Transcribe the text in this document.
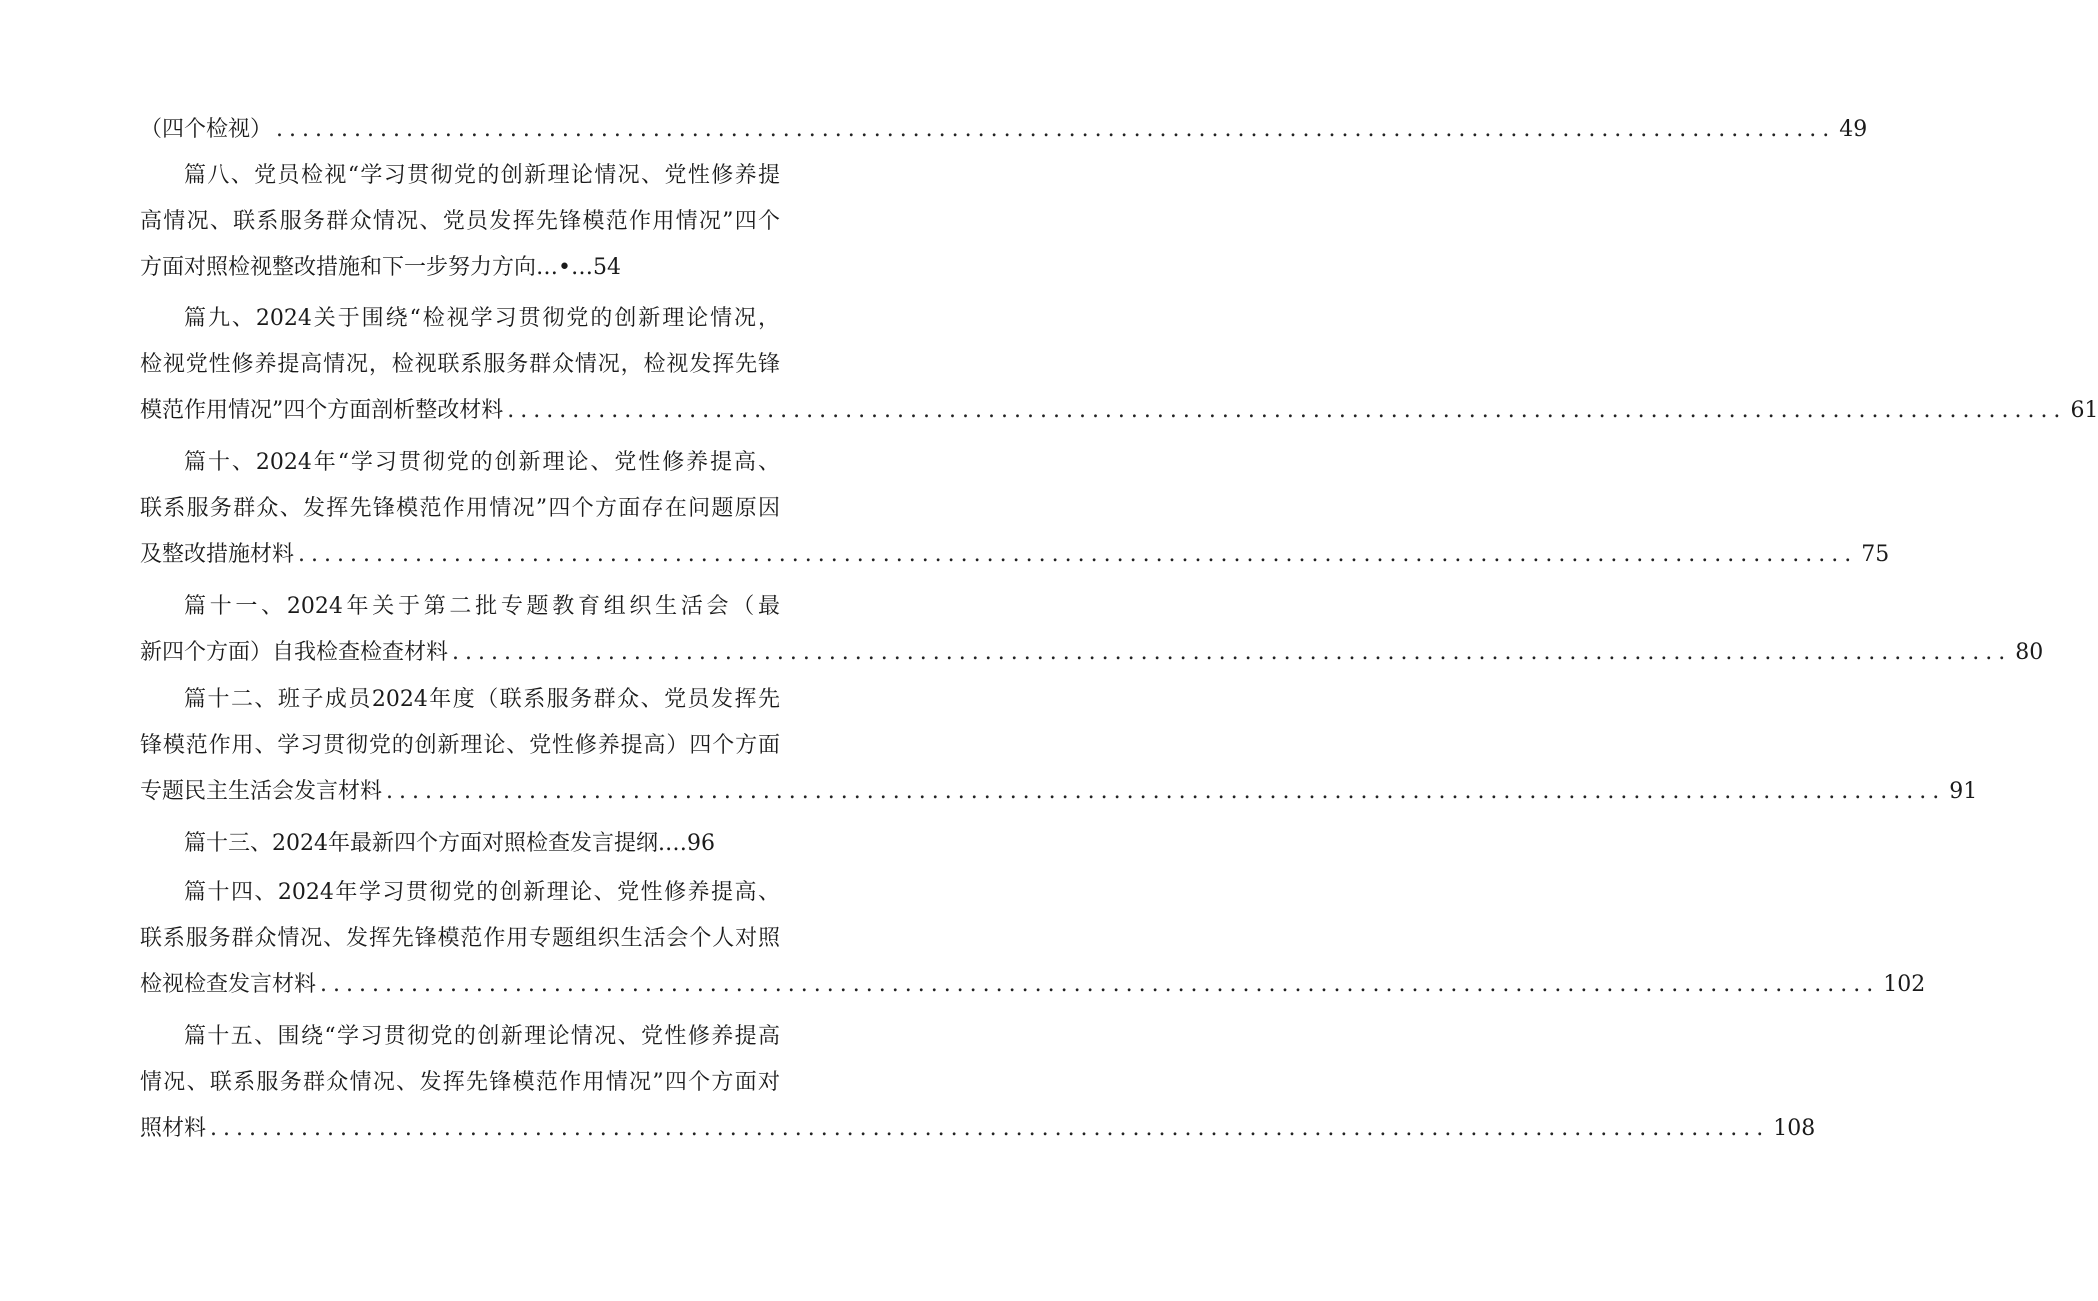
（四个检视） ........................................................................................................................ 49
篇八、党员检视“学习贯彻党的创新理论情况、党性修养提
高情况、联系服务群众情况、党员发挥先锋模范作用情况”四个
方面对照检视整改措施和下一步努力方向…•… 54
篇九、2024关于围绕“检视学习贯彻党的创新理论情况，
检视党性修养提高情况，检视联系服务群众情况，检视发挥先锋
模范作用情况”四个方面剖析整改材料 ........................................................................................................................ 61
篇十、2024年“学习贯彻党的创新理论、党性修养提高、
联系服务群众、发挥先锋模范作用情况”四个方面存在问题原因
及整改措施材料 ........................................................................................................................ 75
篇十一、2024年关于第二批专题教育组织生活会（最
新四个方面）自我检查检查材料 ........................................................................................................................ 80
篇十二、班子成员2024年度（联系服务群众、党员发挥先
锋模范作用、学习贯彻党的创新理论、党性修养提高）四个方面
专题民主生活会发言材料 ........................................................................................................................ 91
篇十三、2024年最新四个方面对照检查发言提纲.… 96
篇十四、2024年学习贯彻党的创新理论、党性修养提高、
联系服务群众情况、发挥先锋模范作用专题组织生活会个人对照
检视检查发言材料 ........................................................................................................................ 102
篇十五、围绕“学习贯彻党的创新理论情况、党性修养提高
情况、联系服务群众情况、发挥先锋模范作用情况”四个方面对
照材料 ........................................................................................................................ 108
